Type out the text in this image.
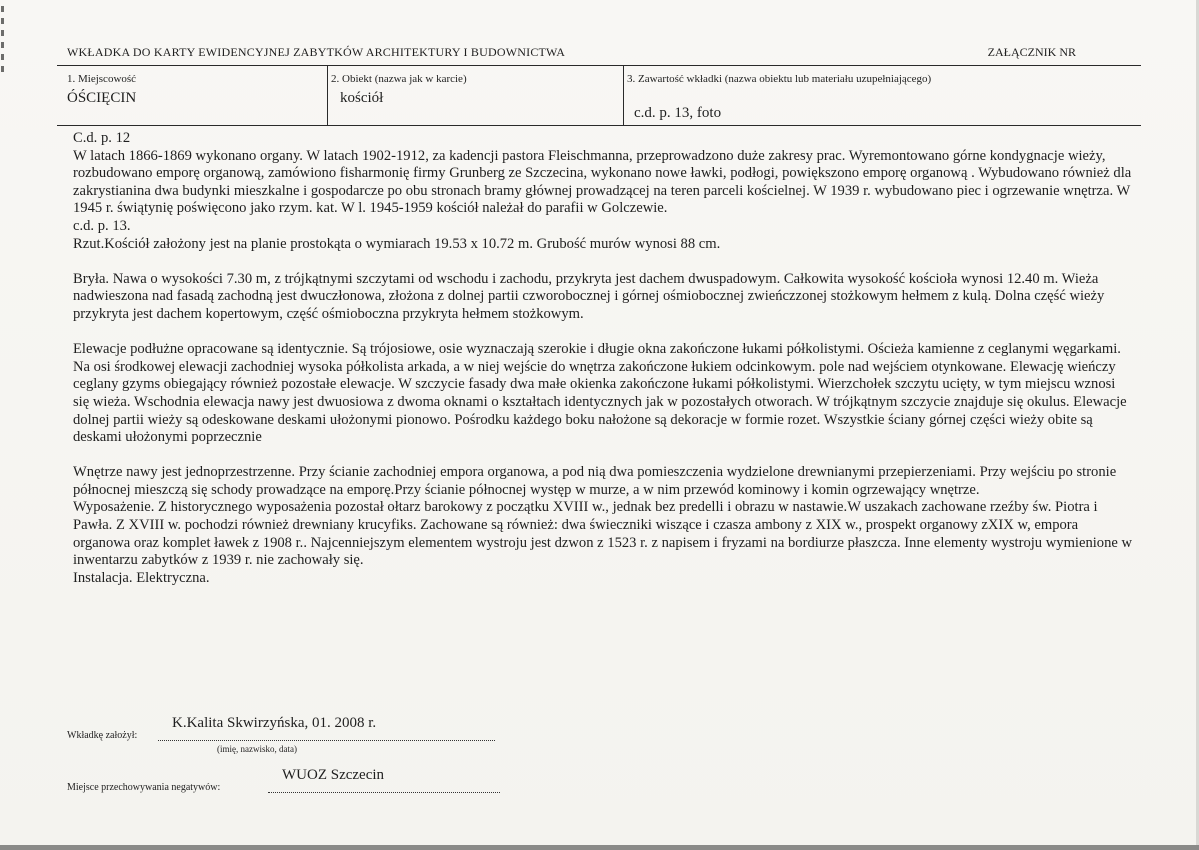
WKŁADKA DO KARTY EWIDENCYJNEJ ZABYTKÓW ARCHITEKTURY I BUDOWNICTWA	ZAŁĄCZNIK NR
1. Miejscowość
ÓŚCIĘCIN
2. Obiekt (nazwa jak w karcie)
kościół
3. Zawartość wkładki (nazwa obiektu lub materiału uzupełniającego)
c.d. p. 13, foto

C.d. p. 12

W latach 1866-1869 wykonano organy. W latach 1902-1912, za kadencji pastora Fleischmanna, przeprowadzono duże zakresy prac. Wyremontowano górne kondygnacje wieży, rozbudowano emporę organową, zamówiono fisharmonię firmy Grunberg ze Szczecina, wykonano nowe ławki, podłogi, powiększono emporę organową . Wybudowano również dla zakrystianina dwa budynki mieszkalne i gospodarcze po obu stronach bramy głównej prowadzącej na teren parceli kościelnej. W 1939 r. wybudowano piec i ogrzewanie wnętrza. W 1945 r. świątynię poświęcono jako rzym. kat. W l. 1945-1959 kościół należał do parafii w Golczewie.

c.d. p. 13.

Rzut.Kościół założony jest na planie prostokąta o wymiarach 19.53 x 10.72 m. Grubość murów wynosi 88 cm.

Bryła. Nawa o wysokości 7.30 m, z trójkątnymi szczytami od wschodu i zachodu, przykryta jest dachem dwuspadowym. Całkowita wysokość kościoła wynosi 12.40 m. Wieża nadwieszona nad fasadą zachodną jest dwuczłonowa, złożona z dolnej partii czworobocznej i górnej ośmiobocznej zwieńczzonej stożkowym hełmem z kulą. Dolna część wieży przykryta jest dachem kopertowym, część ośmioboczna przykryta hełmem stożkowym.

Elewacje podłużne opracowane są identycznie. Są trójosiowe, osie wyznaczają szerokie i długie okna zakończone łukami półkolistymi. Ościeża kamienne z ceglanymi węgarkami. Na osi środkowej elewacji zachodniej wysoka półkolista arkada, a w niej wejście do wnętrza zakończone łukiem odcinkowym. pole nad wejściem otynkowane. Elewację wieńczy ceglany gzyms obiegający również pozostałe elewacje. W szczycie fasady dwa małe okienka zakończone łukami półkolistymi. Wierzchołek szczytu ucięty, w tym miejscu wznosi się wieża. Wschodnia elewacja nawy jest dwuosiowa z dwoma oknami o kształtach identycznych jak w pozostałych otworach. W trójkątnym szczycie znajduje się okulus. Elewacje dolnej partii wieży są odeskowane deskami ułożonymi pionowo. Pośrodku każdego boku nałożone są dekoracje w formie rozet. Wszystkie ściany górnej części wieży obite są deskami ułożonymi poprzecznie

Wnętrze nawy jest jednoprzestrzenne. Przy ścianie zachodniej empora organowa, a pod nią dwa pomieszczenia wydzielone drewnianymi przepierzeniami. Przy wejściu po stronie północnej mieszczą się schody prowadzące na emporę.Przy ścianie północnej występ w murze, a w nim przewód kominowy i komin ogrzewający wnętrze.

Wyposażenie. Z historycznego wyposażenia pozostał ołtarz barokowy z początku XVIII w., jednak bez predelli i obrazu w nastawie.W uszakach zachowane rzeźby św. Piotra i Pawła. Z XVIII w. pochodzi również drewniany krucyfiks. Zachowane są również: dwa świeczniki wiszące i czasza ambony z XIX w., prospekt organowy zXIX w, empora organowa oraz komplet ławek z 1908 r.. Najcenniejszym elementem wystroju jest dzwon z 1523 r. z napisem i fryzami na bordiurze płaszcza. Inne elementy wystroju wymienione w inwentarzu zabytków z 1939 r. nie zachowały się.

Instalacja. Elektryczna.

Wkładkę założył:
K.Kalita Skwirzyńska, 01. 2008 r.
(imię, nazwisko, data)
Miejsce przechowywania negatywów:
WUOZ Szczecin
